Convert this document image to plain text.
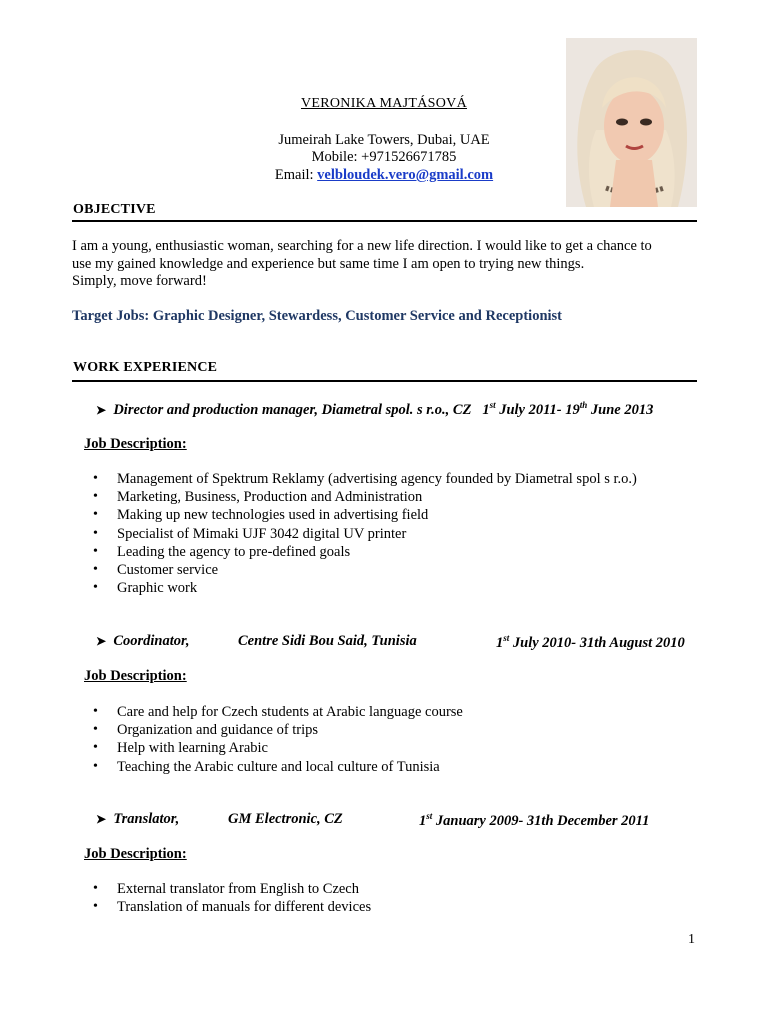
VERONIKA MAJTÁSOVÁ
Jumeirah Lake Towers, Dubai, UAE
Mobile: +971526671785
Email: velbloudek.vero@gmail.com
OBJECTIVE
I am a young, enthusiastic woman, searching for a new life direction. I would like to get a chance to
use my gained knowledge and experience but same time I am open to trying new things.
Simply, move forward!
Target Jobs: Graphic Designer, Stewardess, Customer Service and Receptionist
WORK EXPERIENCE
➤ Director and production manager, Diametral spol. s r.o., CZ 1st July 2011- 19th June 2013
Job Description:
• Management of Spektrum Reklamy (advertising agency founded by Diametral spol s r.o.)
• Marketing, Business, Production and Administration
• Making up new technologies used in advertising field
• Specialist of Mimaki UJF 3042 digital UV printer
• Leading the agency to pre-defined goals
• Customer service
• Graphic work
➤ Coordinator,	Centre Sidi Bou Said, Tunisia	1st July 2010- 31th August 2010
Job Description:
• Care and help for Czech students at Arabic language course
• Organization and guidance of trips
• Help with learning Arabic
• Teaching the Arabic culture and local culture of Tunisia
➤ Translator,	GM Electronic, CZ	1st January 2009- 31th December 2011
Job Description:
• External translator from English to Czech
• Translation of manuals for different devices
1
